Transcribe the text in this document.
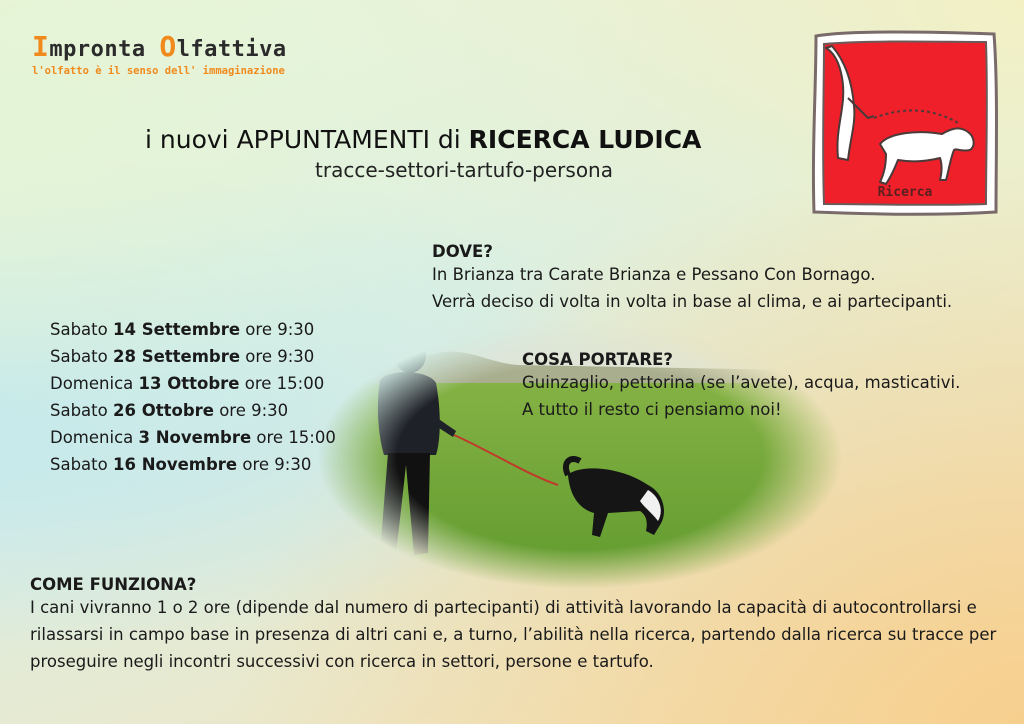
Impronta Olfattiva
l'olfatto è il senso dell' immaginazione
i nuovi APPUNTAMENTI di RICERCA LUDICA
tracce-settori-tartufo-persona
Ricerca
Sabato 14 Settembre ore 9:30
Sabato 28 Settembre ore 9:30
Domenica 13 Ottobre ore 15:00
Sabato 26 Ottobre ore 9:30
Domenica 3 Novembre ore 15:00
Sabato 16 Novembre ore 9:30
DOVE?
In Brianza tra Carate Brianza e Pessano Con Bornago.
Verrà deciso di volta in volta in base al clima, e ai partecipanti.
COSA PORTARE?
Guinzaglio, pettorina (se l’avete), acqua, masticativi.
A tutto il resto ci pensiamo noi!
COME FUNZIONA?
I cani vivranno 1 o 2 ore (dipende dal numero di partecipanti) di attività lavorando la capacità di autocontrollarsi e rilassarsi in campo base in presenza di altri cani e, a turno, l’abilità nella ricerca, partendo dalla ricerca su tracce per proseguire negli incontri successivi con ricerca in settori, persone e tartufo.
